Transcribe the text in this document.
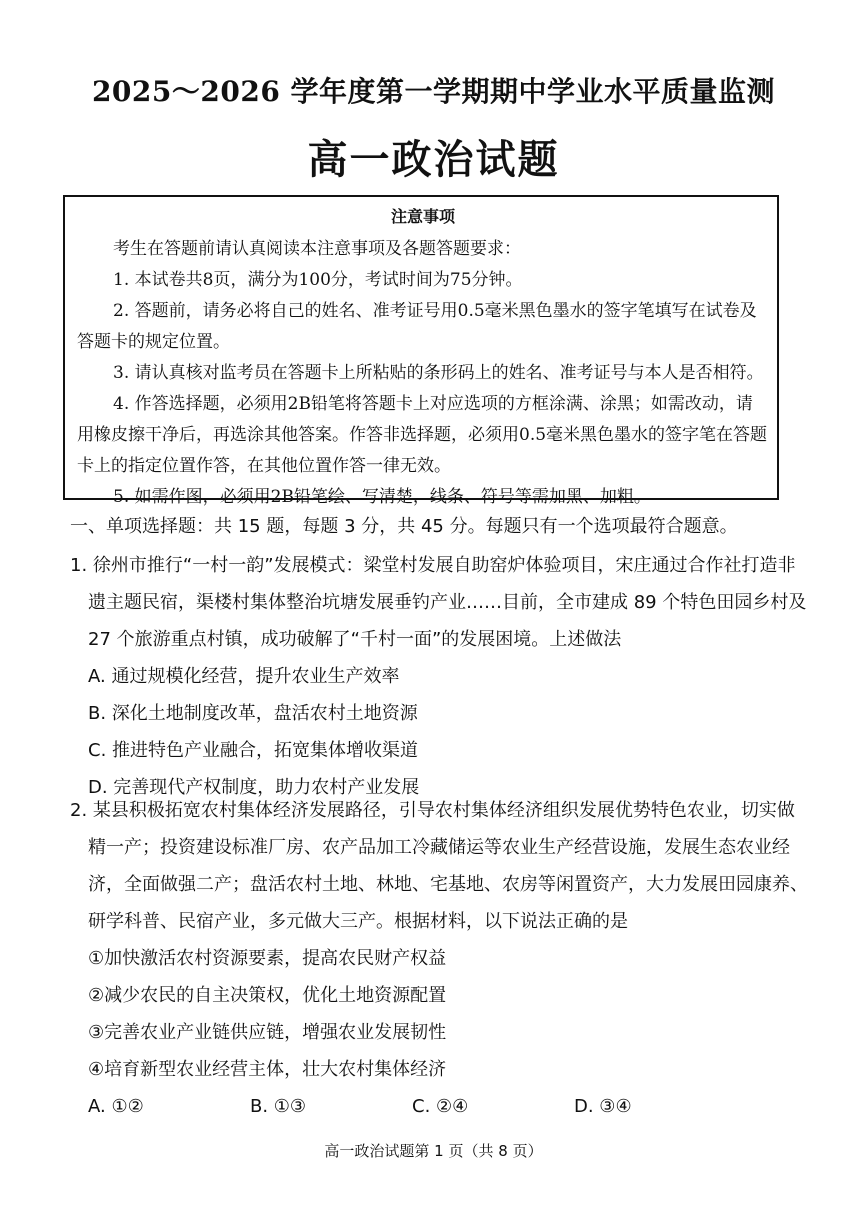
2025～2026 学年度第一学期期中学业水平质量监测
高一政治试题
注意事项

考生在答题前请认真阅读本注意事项及各题答题要求：

1. 本试卷共8页，满分为100分，考试时间为75分钟。

2. 答题前，请务必将自己的姓名、准考证号用0.5毫米黑色墨水的签字笔填写在试卷及答题卡的规定位置。

3. 请认真核对监考员在答题卡上所粘贴的条形码上的姓名、准考证号与本人是否相符。

4. 作答选择题，必须用2B铅笔将答题卡上对应选项的方框涂满、涂黑；如需改动，请用橡皮擦干净后，再选涂其他答案。作答非选择题，必须用0.5毫米黑色墨水的签字笔在答题卡上的指定位置作答，在其他位置作答一律无效。

5. 如需作图，必须用2B铅笔绘、写清楚，线条、符号等需加黑、加粗。

一、单项选择题：共 15 题，每题 3 分，共 45 分。每题只有一个选项最符合题意。

1. 徐州市推行“一村一韵”发展模式：梁堂村发展自助窑炉体验项目，宋庄通过合作社打造非遗主题民宿，渠楼村集体整治坑塘发展垂钓产业……目前，全市建成 89 个特色田园乡村及 27 个旅游重点村镇，成功破解了“千村一面”的发展困境。上述做法

A. 通过规模化经营，提升农业生产效率

B. 深化土地制度改革，盘活农村土地资源

C. 推进特色产业融合，拓宽集体增收渠道

D. 完善现代产权制度，助力农村产业发展

2. 某县积极拓宽农村集体经济发展路径，引导农村集体经济组织发展优势特色农业，切实做精一产；投资建设标准厂房、农产品加工冷藏储运等农业生产经营设施，发展生态农业经济，全面做强二产；盘活农村土地、林地、宅基地、农房等闲置资产，大力发展田园康养、研学科普、民宿产业，多元做大三产。根据材料，以下说法正确的是

①加快激活农村资源要素，提高农民财产权益

②减少农民的自主决策权，优化土地资源配置

③完善农业产业链供应链，增强农业发展韧性

④培育新型农业经营主体，壮大农村集体经济

A. ①②	B. ①③	C. ②④	D. ③④
高一政治试题第 1 页（共 8 页）
